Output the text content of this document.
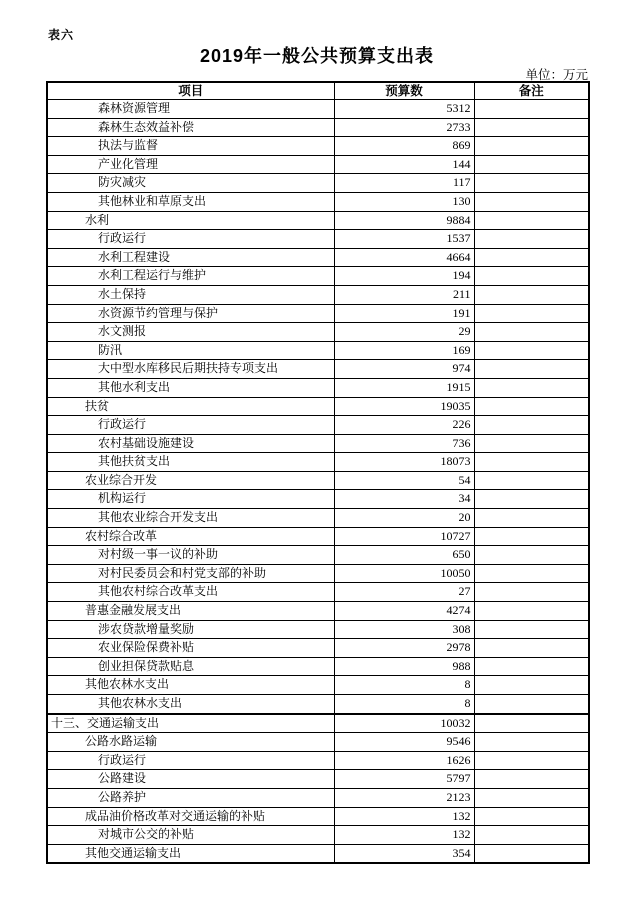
表六
2019年一般公共预算支出表
单位：万元
项目	预算数	备注
森林资源管理	5312	
森林生态效益补偿	2733	
执法与监督	869	
产业化管理	144	
防灾减灾	117	
其他林业和草原支出	130	
水利	9884	
行政运行	1537	
水利工程建设	4664	
水利工程运行与维护	194	
水土保持	211	
水资源节约管理与保护	191	
水文测报	29	
防汛	169	
大中型水库移民后期扶持专项支出	974	
其他水利支出	1915	
扶贫	19035	
行政运行	226	
农村基础设施建设	736	
其他扶贫支出	18073	
农业综合开发	54	
机构运行	34	
其他农业综合开发支出	20	
农村综合改革	10727	
对村级一事一议的补助	650	
对村民委员会和村党支部的补助	10050	
其他农村综合改革支出	27	
普惠金融发展支出	4274	
涉农贷款增量奖励	308	
农业保险保费补贴	2978	
创业担保贷款贴息	988	
其他农林水支出	8	
其他农林水支出	8	
十三、交通运输支出	10032	
公路水路运输	9546	
行政运行	1626	
公路建设	5797	
公路养护	2123	
成品油价格改革对交通运输的补贴	132	
对城市公交的补贴	132	
其他交通运输支出	354	
